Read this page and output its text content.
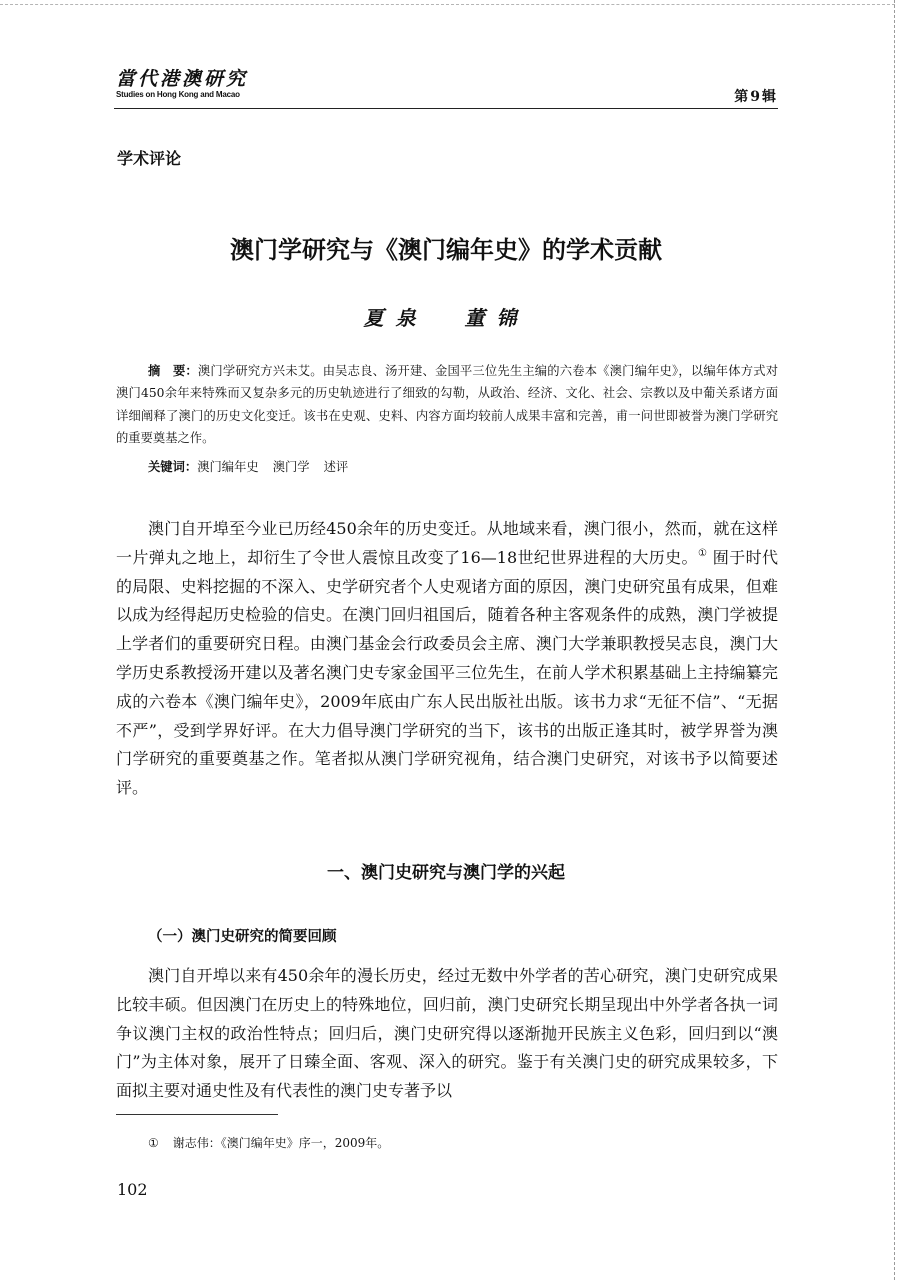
當代港澳研究
Studies on Hong Kong and Macao	第9辑
学术评论
澳门学研究与《澳门编年史》的学术贡献
夏泉 董锦
摘　要：澳门学研究方兴未艾。由吴志良、汤开建、金国平三位先生主编的六卷本《澳门编年史》，以编年体方式对澳门450余年来特殊而又复杂多元的历史轨迹进行了细致的勾勒，从政治、经济、文化、社会、宗教以及中葡关系诸方面详细阐释了澳门的历史文化变迁。该书在史观、史料、内容方面均较前人成果丰富和完善，甫一问世即被誉为澳门学研究的重要奠基之作。
关键词：澳门编年史 澳门学 述评

澳门自开埠至今业已历经450余年的历史变迁。从地域来看，澳门很小，然而，就在这样一片弹丸之地上，却衍生了令世人震惊且改变了16—18世纪世界进程的大历史。① 囿于时代的局限、史料挖掘的不深入、史学研究者个人史观诸方面的原因，澳门史研究虽有成果，但难以成为经得起历史检验的信史。在澳门回归祖国后，随着各种主客观条件的成熟，澳门学被提上学者们的重要研究日程。由澳门基金会行政委员会主席、澳门大学兼职教授吴志良，澳门大学历史系教授汤开建以及著名澳门史专家金国平三位先生，在前人学术积累基础上主持编纂完成的六卷本《澳门编年史》，2009年底由广东人民出版社出版。该书力求“无征不信”、“无据不严”，受到学界好评。在大力倡导澳门学研究的当下，该书的出版正逢其时，被学界誉为澳门学研究的重要奠基之作。笔者拟从澳门学研究视角，结合澳门史研究，对该书予以简要述评。

一、澳门史研究与澳门学的兴起
（一）澳门史研究的简要回顾

澳门自开埠以来有450余年的漫长历史，经过无数中外学者的苦心研究，澳门史研究成果比较丰硕。但因澳门在历史上的特殊地位，回归前，澳门史研究长期呈现出中外学者各执一词争议澳门主权的政治性特点；回归后，澳门史研究得以逐渐抛开民族主义色彩，回归到以“澳门”为主体对象，展开了日臻全面、客观、深入的研究。鉴于有关澳门史的研究成果较多，下面拟主要对通史性及有代表性的澳门史专著予以

① 谢志伟：《澳门编年史》序一，2009年。
102
